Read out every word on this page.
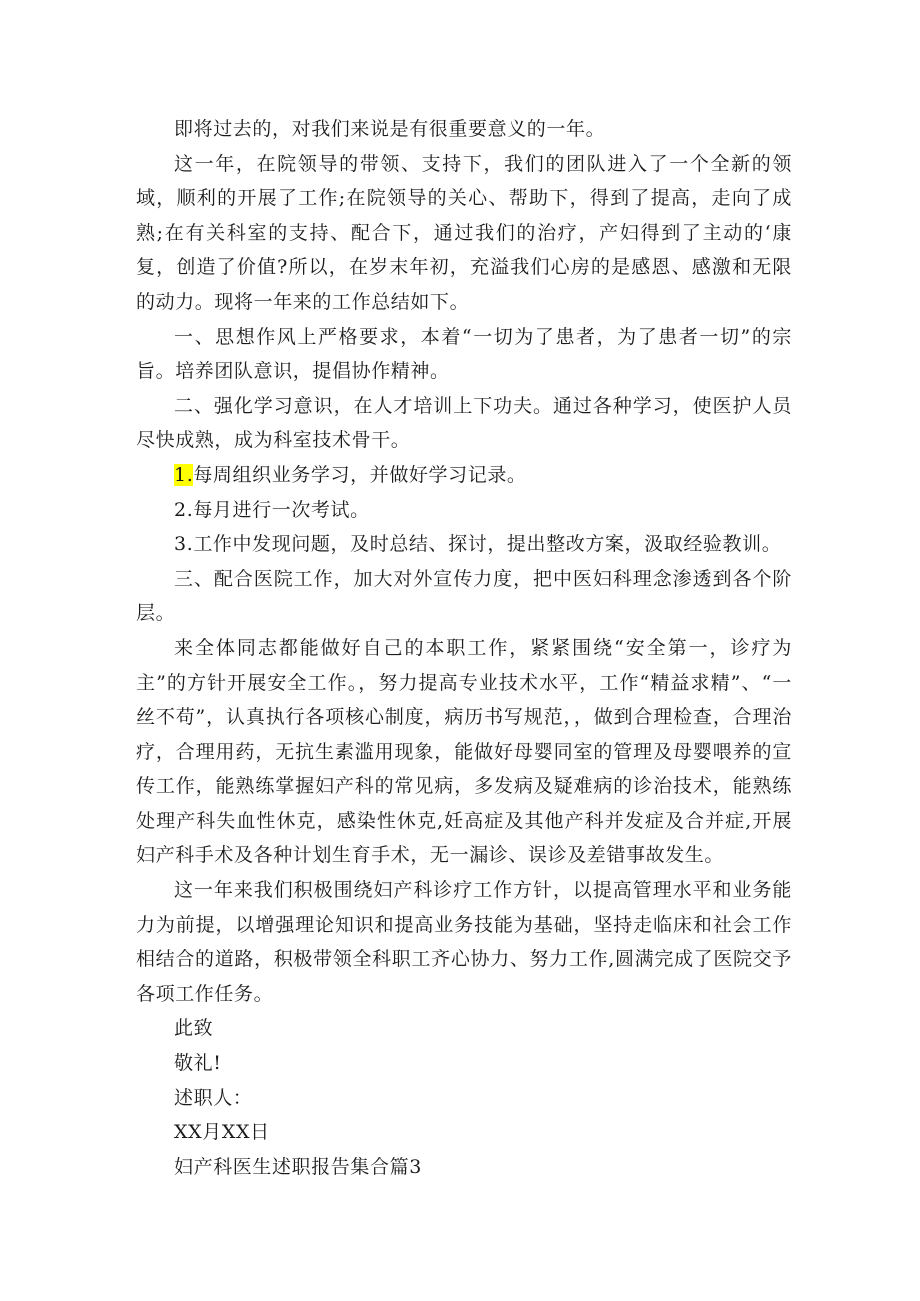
即将过去的，对我们来说是有很重要意义的一年。

这一年，在院领导的带领、支持下，我们的团队进入了一个全新的领域，顺利的开展了工作;在院领导的关心、帮助下，得到了提高，走向了成熟;在有关科室的支持、配合下，通过我们的治疗，产妇得到了主动的‘康复，创造了价值?所以，在岁末年初，充溢我们心房的是感恩、感激和无限的动力。现将一年来的工作总结如下。

一、思想作风上严格要求，本着“一切为了患者，为了患者一切”的宗旨。培养团队意识，提倡协作精神。

二、强化学习意识，在人才培训上下功夫。通过各种学习，使医护人员尽快成熟，成为科室技术骨干。

1.每周组织业务学习，并做好学习记录。

2.每月进行一次考试。

3.工作中发现问题，及时总结、探讨，提出整改方案，汲取经验教训。

三、配合医院工作，加大对外宣传力度，把中医妇科理念渗透到各个阶层。

来全体同志都能做好自己的本职工作，紧紧围绕“安全第一，诊疗为主”的方针开展安全工作。，努力提高专业技术水平，工作“精益求精”、“一丝不苟”，认真执行各项核心制度，病历书写规范，，做到合理检查，合理治疗，合理用药，无抗生素滥用现象，能做好母婴同室的管理及母婴喂养的宣传工作，能熟练掌握妇产科的常见病，多发病及疑难病的诊治技术，能熟练处理产科失血性休克，感染性休克,妊高症及其他产科并发症及合并症,开展妇产科手术及各种计划生育手术，无一漏诊、误诊及差错事故发生。

这一年来我们积极围绕妇产科诊疗工作方针，以提高管理水平和业务能力为前提，以增强理论知识和提高业务技能为基础，坚持走临床和社会工作相结合的道路，积极带领全科职工齐心协力、努力工作,圆满完成了医院交予各项工作任务。

此致

敬礼!

述职人：

XX月XX日

妇产科医生述职报告集合篇3
